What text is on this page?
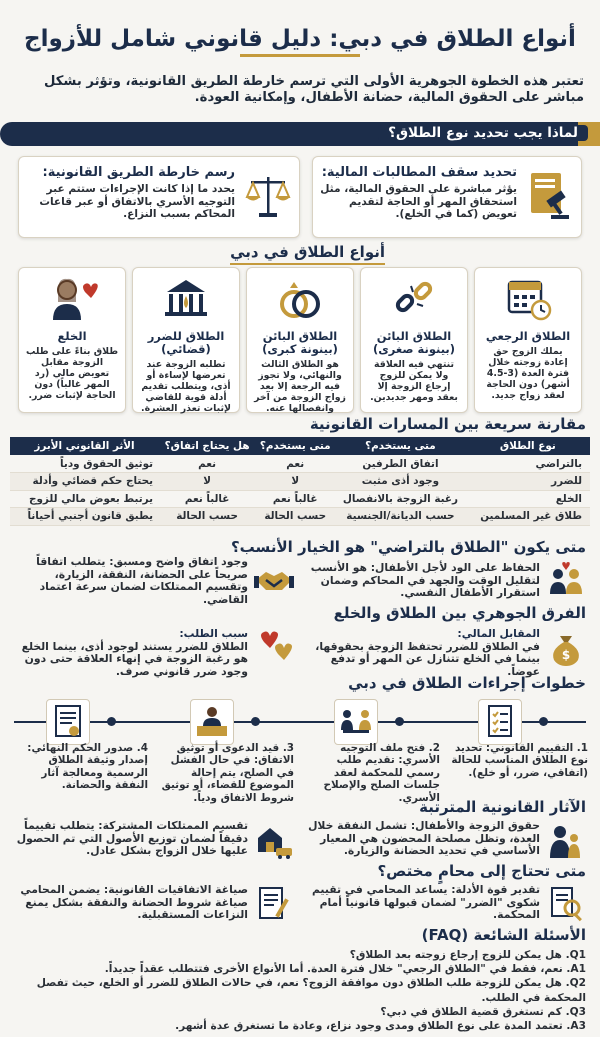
أنواع الطلاق في دبي: دليل قانوني شامل للأزواج
تعتبر هذه الخطوة الجوهرية الأولى التي ترسم خارطة الطريق القانونية، وتؤثر بشكل مباشر على الحقوق المالية، حضانة الأطفال، وإمكانية العودة.
لماذا يجب تحديد نوع الطلاق؟
تحديد سقف المطالبات المالية:

يؤثر مباشرة على الحقوق المالية، مثل استحقاق المهر أو الحاجة لتقديم تعويض (كما في الخلع).

رسم خارطة الطريق القانونية:

يحدد ما إذا كانت الإجراءات ستتم عبر التوجيه الأسري بالاتفاق أو عبر قاعات المحاكم بسبب النزاع.

أنواع الطلاق في دبي
الطلاق الرجعي

يملك الزوج حق إعادة زوجته خلال فترة العدة (3-4.5 أشهر) دون الحاجة لعقد زواج جديد.

الطلاق البائن (بينونة صغرى)

تنتهي فيه العلاقة ولا يمكن للزوج إرجاع الزوجة إلا بعقد ومهر جديدين.

الطلاق البائن (بينونة كبرى)

هو الطلاق الثالث والنهائي، ولا تجوز فيه الرجعة إلا بعد زواج الزوجة من آخر وانفصالها عنه.

الطلاق للضرر (قضائي)

تطلبه الزوجة عند تعرضها لإساءة أو أذى، ويتطلب تقديم أدلة قوية للقاضي لإثبات تعذر العشرة.

الخلع

طلاق بناءً على طلب الزوجة مقابل تعويض مالي (رد المهر غالباً) دون الحاجة لإثبات ضرر.

مقارنة سريعة بين المسارات القانونية
نوع الطلاق	متى يستخدم؟	متى يستخدم؟	هل يحتاج اتفاق؟	الأثر القانوني الأبرز
بالتراضي	اتفاق الطرفين	نعم	نعم	توثيق الحقوق ودياً
للضرر	وجود أذى مثبت	لا	لا	يحتاج حكم قضائي وأدلة
الخلع	رغبة الزوجة بالانفصال	غالباً نعم	غالباً نعم	يرتبط بعوض مالي للزوج
طلاق غير المسلمين	حسب الديانة/الجنسية	حسب الحالة	حسب الحالة	يطبق قانون أجنبي أحياناً
متى يكون "الطلاق بالتراضي" هو الخيار الأنسب؟
الحفاظ على الود لأجل الأطفال: هو الأنسب لتقليل الوقت والجهد في المحاكم وضمان استقرار الأطفال النفسي.
وجود اتفاق واضح ومسبق: يتطلب اتفاقاً صريحاً على الحضانة، النفقة، الزيارة، وتقسيم الممتلكات لضمان سرعة اعتماد القاضي.
الفرق الجوهري بين الطلاق والخلع
$
المقابل المالي:
في الطلاق للضرر تحتفظ الزوجة بحقوقها، بينما في الخلع تتنازل عن المهر أو تدفع عوضاً.
سبب الطلب:
الطلاق للضرر يستند لوجود أذى، بينما الخلع هو رغبة الزوجة في إنهاء العلاقة حتى دون وجود ضرر قانوني صرف.
خطوات إجراءات الطلاق في دبي
1. التقييم القانوني: تحديد نوع الطلاق المناسب للحالة (اتفاقي، ضرر، أو خلع).
2. فتح ملف التوجيه الأسري: تقديم طلب رسمي للمحكمة لعقد جلسات الصلح والإصلاح الأسري.
3. قيد الدعوى أو توثيق الاتفاق: في حال الفشل في الصلح، يتم إحالة الموضوع للقضاء، أو توثيق شروط الاتفاق ودياً.
4. صدور الحكم النهائي: إصدار وثيقة الطلاق الرسمية ومعالجة آثار النفقة والحضانة.
الآثار القانونية المترتبة
حقوق الزوجة والأطفال: تشمل النفقة خلال العدة، وتظل مصلحة المحضون هي المعيار الأساسي في تحديد الحضانة والزيارة.
تقسيم الممتلكات المشتركة: يتطلب تقييماً دقيقاً لضمان توزيع الأصول التي تم الحصول عليها خلال الزواج بشكل عادل.
متى تحتاج إلى محامٍ مختص؟
تقدير قوة الأدلة: يساعد المحامي في تقييم شكوى "الضرر" لضمان قبولها قانونياً أمام المحكمة.
صياغة الاتفاقيات القانونية: يضمن المحامي صياغة شروط الحضانة والنفقة بشكل يمنع النزاعات المستقبلية.
الأسئلة الشائعة (FAQ)
Q1. هل يمكن للزوج إرجاع زوجته بعد الطلاق؟
A1. نعم، فقط في "الطلاق الرجعي" خلال فترة العدة. أما الأنواع الأخرى فتتطلب عقداً جديداً.
Q2. هل يمكن للزوجة طلب الطلاق دون موافقة الزوج؟ نعم، في حالات الطلاق للضرر أو الخلع، حيث تفصل المحكمة في الطلب.
Q3. كم تستغرق قضية الطلاق في دبي؟
A3. تعتمد المدة على نوع الطلاق ومدى وجود نزاع، وعادة ما تستغرق عدة أشهر.
